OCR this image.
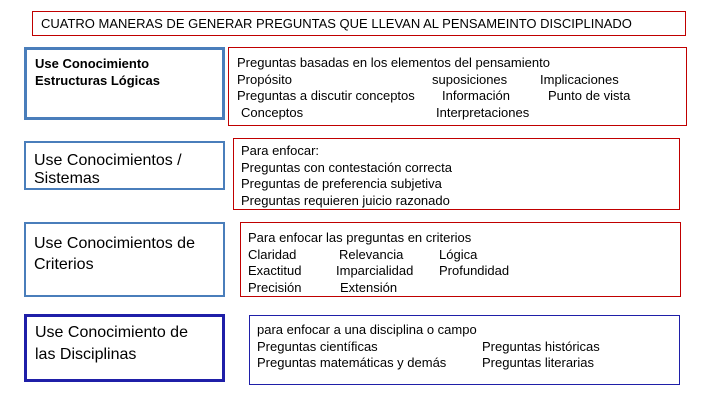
CUATRO MANERAS DE GENERAR PREGUNTAS QUE LLEVAN AL PENSAMEINTO DISCIPLINADO
Use Conocimiento
Estructuras Lógicas
Use Conocimientos /
Sistemas
Use Conocimientos de
Criterios
Use Conocimiento de
las Disciplinas
Preguntas basadas en los elementos del pensamiento
Propósito	suposiciones	Implicaciones
Preguntas a discutir conceptos Información	Punto de vista
Conceptos	Interpretaciones
Para enfocar:
Preguntas con contestación correcta
Preguntas de preferencia subjetiva
Preguntas requieren juicio razonado
Para enfocar las preguntas en criterios
Claridad	Relevancia	Lógica
Exactitud	Imparcialidad Profundidad
Precisión	Extensión
para enfocar a una disciplina o campo
Preguntas científicas	Preguntas históricas
Preguntas matemáticas y demás	Preguntas literarias
